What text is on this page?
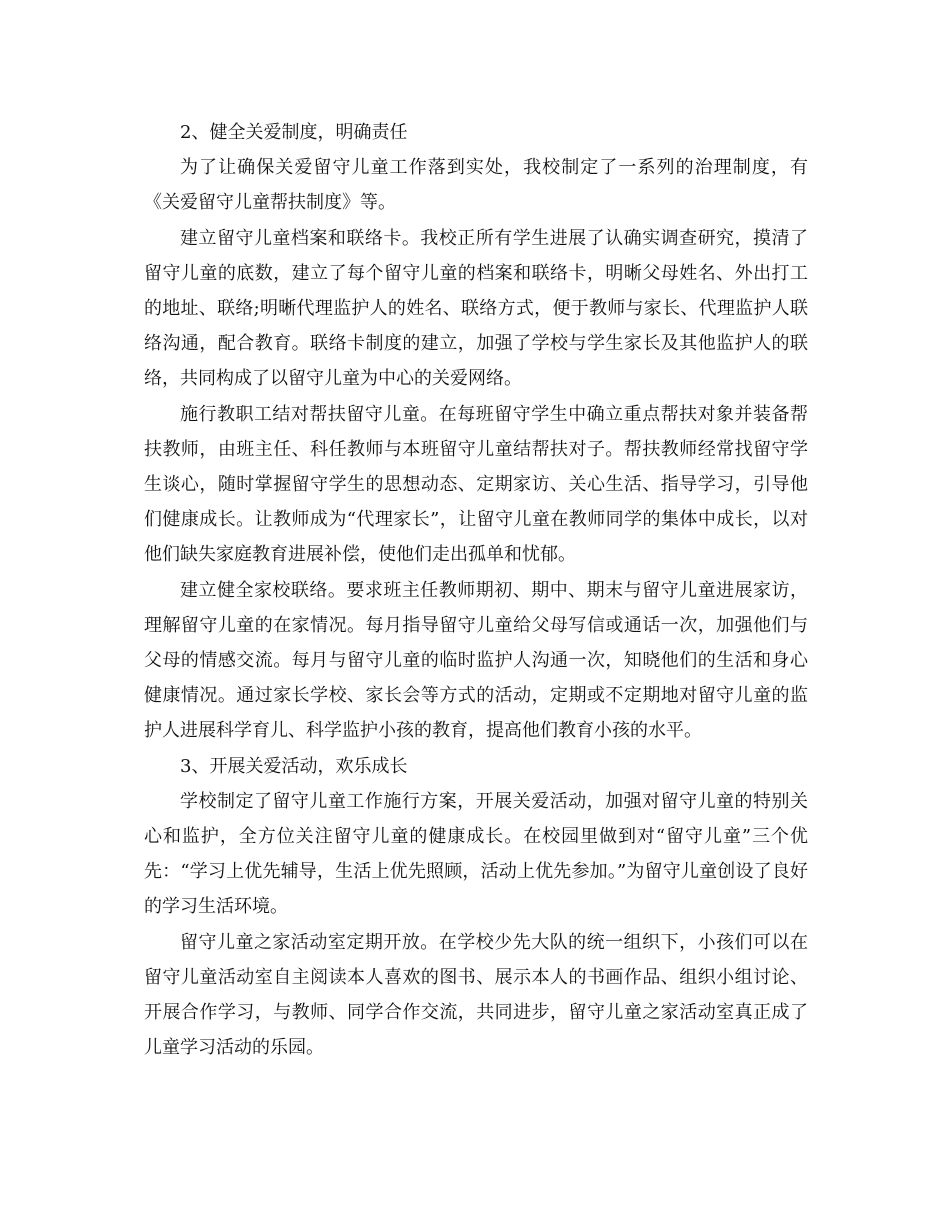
2、健全关爱制度，明确责任

为了让确保关爱留守儿童工作落到实处，我校制定了一系列的治理制度，有《关爱留守儿童帮扶制度》等。

建立留守儿童档案和联络卡。我校正所有学生进展了认确实调查研究，摸清了留守儿童的底数，建立了每个留守儿童的档案和联络卡，明晰父母姓名、外出打工的地址、联络;明晰代理监护人的姓名、联络方式，便于教师与家长、代理监护人联络沟通，配合教育。联络卡制度的建立，加强了学校与学生家长及其他监护人的联络，共同构成了以留守儿童为中心的关爱网络。

施行教职工结对帮扶留守儿童。在每班留守学生中确立重点帮扶对象并装备帮扶教师，由班主任、科任教师与本班留守儿童结帮扶对子。帮扶教师经常找留守学生谈心，随时掌握留守学生的思想动态、定期家访、关心生活、指导学习，引导他们健康成长。让教师成为“代理家长”，让留守儿童在教师同学的集体中成长，以对他们缺失家庭教育进展补偿，使他们走出孤单和忧郁。

建立健全家校联络。要求班主任教师期初、期中、期末与留守儿童进展家访，理解留守儿童的在家情况。每月指导留守儿童给父母写信或通话一次，加强他们与父母的情感交流。每月与留守儿童的临时监护人沟通一次，知晓他们的生活和身心健康情况。通过家长学校、家长会等方式的活动，定期或不定期地对留守儿童的监护人进展科学育儿、科学监护小孩的教育，提高他们教育小孩的水平。

3、开展关爱活动，欢乐成长

学校制定了留守儿童工作施行方案，开展关爱活动，加强对留守儿童的特别关心和监护，全方位关注留守儿童的健康成长。在校园里做到对“留守儿童”三个优先：“学习上优先辅导，生活上优先照顾，活动上优先参加。”为留守儿童创设了良好的学习生活环境。

留守儿童之家活动室定期开放。在学校少先大队的统一组织下，小孩们可以在留守儿童活动室自主阅读本人喜欢的图书、展示本人的书画作品、组织小组讨论、开展合作学习，与教师、同学合作交流，共同进步，留守儿童之家活动室真正成了儿童学习活动的乐园。
